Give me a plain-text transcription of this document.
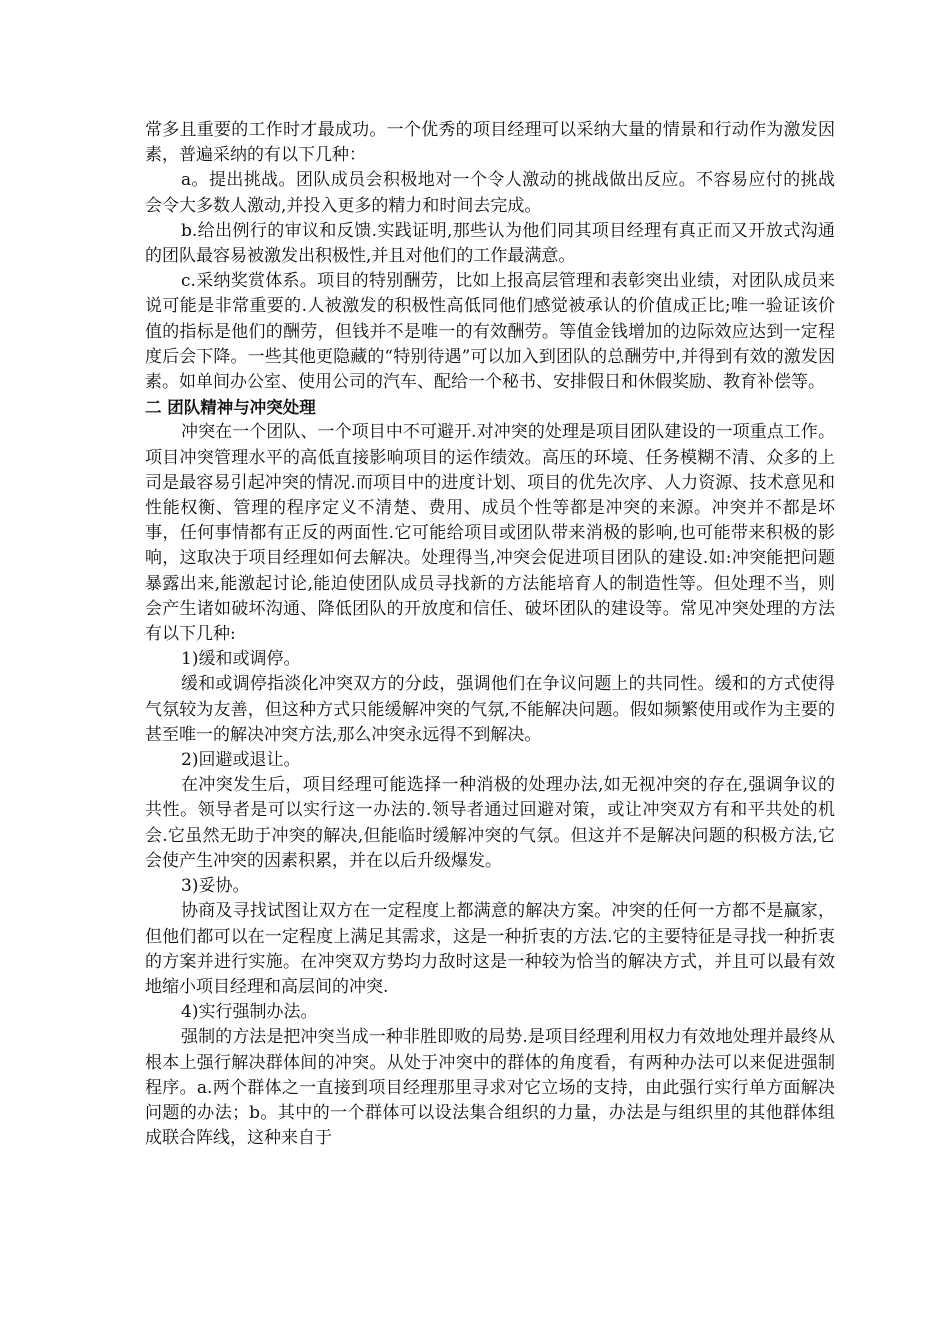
常多且重要的工作时才最成功。一个优秀的项目经理可以采纳大量的情景和行动作为激发因素，普遍采纳的有以下几种：

a。提出挑战。团队成员会积极地对一个令人激动的挑战做出反应。不容易应付的挑战会令大多数人激动,并投入更多的精力和时间去完成。

b.给出例行的审议和反馈.实践证明,那些认为他们同其项目经理有真正而又开放式沟通的团队最容易被激发出积极性,并且对他们的工作最满意。

c.采纳奖赏体系。项目的特别酬劳，比如上报高层管理和表彰突出业绩，对团队成员来说可能是非常重要的.人被激发的积极性高低同他们感觉被承认的价值成正比;唯一验证该价值的指标是他们的酬劳，但钱并不是唯一的有效酬劳。等值金钱增加的边际效应达到一定程度后会下降。一些其他更隐藏的“特别待遇”可以加入到团队的总酬劳中,并得到有效的激发因素。如单间办公室、使用公司的汽车、配给一个秘书、安排假日和休假奖励、教育补偿等。

二 团队精神与冲突处理

冲突在一个团队、一个项目中不可避开.对冲突的处理是项目团队建设的一项重点工作。项目冲突管理水平的高低直接影响项目的运作绩效。高压的环境、任务模糊不清、众多的上司是最容易引起冲突的情况.而项目中的进度计划、项目的优先次序、人力资源、技术意见和性能权衡、管理的程序定义不清楚、费用、成员个性等都是冲突的来源。冲突并不都是坏事，任何事情都有正反的两面性.它可能给项目或团队带来消极的影响,也可能带来积极的影响，这取决于项目经理如何去解决。处理得当,冲突会促进项目团队的建设.如:冲突能把问题暴露出来,能激起讨论,能迫使团队成员寻找新的方法能培育人的制造性等。但处理不当，则会产生诸如破坏沟通、降低团队的开放度和信任、破坏团队的建设等。常见冲突处理的方法有以下几种:

1)缓和或调停。

缓和或调停指淡化冲突双方的分歧，强调他们在争议问题上的共同性。缓和的方式使得气氛较为友善，但这种方式只能缓解冲突的气氛,不能解决问题。假如频繁使用或作为主要的甚至唯一的解决冲突方法,那么冲突永远得不到解决。

2)回避或退让。

在冲突发生后，项目经理可能选择一种消极的处理办法,如无视冲突的存在,强调争议的共性。领导者是可以实行这一办法的.领导者通过回避对策，或让冲突双方有和平共处的机会.它虽然无助于冲突的解决,但能临时缓解冲突的气氛。但这并不是解决问题的积极方法,它会使产生冲突的因素积累，并在以后升级爆发。

3)妥协。

协商及寻找试图让双方在一定程度上都满意的解决方案。冲突的任何一方都不是赢家，但他们都可以在一定程度上满足其需求，这是一种折衷的方法.它的主要特征是寻找一种折衷的方案并进行实施。在冲突双方势均力敌时这是一种较为恰当的解决方式，并且可以最有效地缩小项目经理和高层间的冲突.

4)实行强制办法。

强制的方法是把冲突当成一种非胜即败的局势.是项目经理利用权力有效地处理并最终从根本上强行解决群体间的冲突。从处于冲突中的群体的角度看，有两种办法可以来促进强制程序。a.两个群体之一直接到项目经理那里寻求对它立场的支持，由此强行实行单方面解决问题的办法；b。其中的一个群体可以设法集合组织的力量，办法是与组织里的其他群体组成联合阵线，这种来自于
